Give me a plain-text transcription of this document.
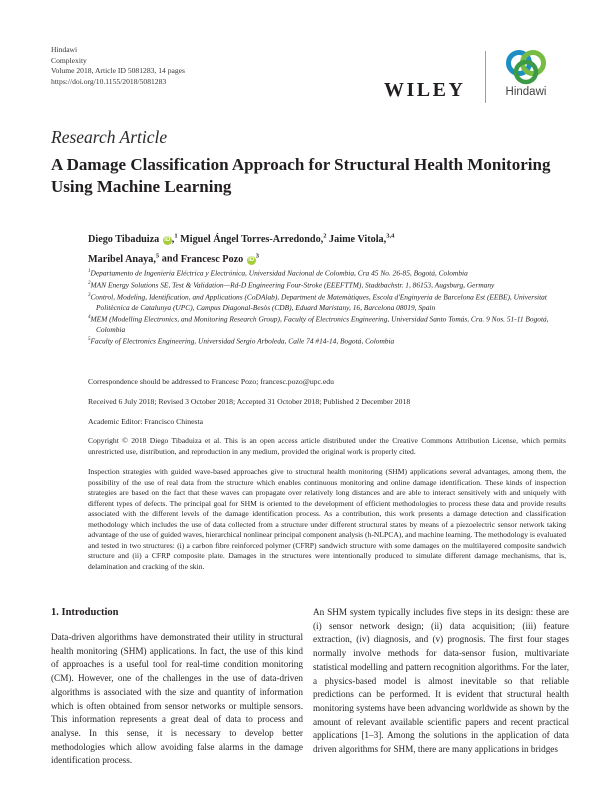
Hindawi
Complexity
Volume 2018, Article ID 5081283, 14 pages
https://doi.org/10.1155/2018/5081283	WILEY	Hindawi
Research Article
A Damage Classification Approach for Structural Health Monitoring Using Machine Learning
Diego Tibaduiza iD ,$^1$ Miguel Ángel Torres-Arredondo,$^2$ Jaime Vitola,$^{3,4}$
Maribel Anaya,$^5$ and Francesc Pozo $iD^3$
$^1$Departamento de Ingeniería Eléctrica y Electrónica, Universidad Nacional de Colombia, Cra 45 No. 26-85, Bogotá, Colombia
$^2$MAN Energy Solutions SE, Test & Validation—Rd-D Engineering Four-Stroke (EEEFTTM), Stadtbachstr. 1, 86153, Augsburg, Germany
$^3$Control, Modeling, Identification, and Applications (CoDAlab), Department de Matemàtiques, Escola d'Enginyeria de Barcelona Est (EEBE), Universitat Politècnica de Catalunya (UPC), Campus Diagonal-Besòs (CDB), Eduard Maristany, 16, Barcelona 08019, Spain
$^4$MEM (Modelling Electronics, and Monitoring Research Group), Faculty of Electronics Engineering, Universidad Santo Tomás, Cra. 9 Nos. 51-11 Bogotá, Colombia
$^5$Faculty of Electronics Engineering, Universidad Sergio Arboleda, Calle 74 #14-14, Bogotá, Colombia
Correspondence should be addressed to Francesc Pozo; francesc.pozo@upc.edu
Received 6 July 2018; Revised 3 October 2018; Accepted 31 October 2018; Published 2 December 2018
Academic Editor: Francisco Chinesta

Copyright © 2018 Diego Tibaduiza et al. This is an open access article distributed under the Creative Commons Attribution License, which permits unrestricted use, distribution, and reproduction in any medium, provided the original work is properly cited.

Inspection strategies with guided wave-based approaches give to structural health monitoring (SHM) applications several advantages, among them, the possibility of the use of real data from the structure which enables continuous monitoring and online damage identification. These kinds of inspection strategies are based on the fact that these waves can propagate over relatively long distances and are able to interact sensitively with and uniquely with different types of defects. The principal goal for SHM is oriented to the development of efficient methodologies to process these data and provide results associated with the different levels of the damage identification process. As a contribution, this work presents a damage detection and classification methodology which includes the use of data collected from a structure under different structural states by means of a piezoelectric sensor network taking advantage of the use of guided waves, hierarchical nonlinear principal component analysis (h-NLPCA), and machine learning. The methodology is evaluated and tested in two structures: (i) a carbon fibre reinforced polymer (CFRP) sandwich structure with some damages on the multilayered composite sandwich structure and (ii) a CFRP composite plate. Damages in the structures were intentionally produced to simulate different damage mechanisms, that is, delamination and cracking of the skin.

1. Introduction

Data-driven algorithms have demonstrated their utility in structural health monitoring (SHM) applications. In fact, the use of this kind of approaches is a useful tool for real-time condition monitoring (CM). However, one of the challenges in the use of data-driven algorithms is associated with the size and quantity of information which is often obtained from sensor networks or multiple sensors. This information represents a great deal of data to process and analyse. In this sense, it is necessary to develop better methodologies which allow avoiding false alarms in the damage identification process.

An SHM system typically includes five steps in its design: these are (i) sensor network design; (ii) data acquisition; (iii) feature extraction, (iv) diagnosis, and (v) prognosis. The first four stages normally involve methods for data-sensor fusion, multivariate statistical modelling and pattern recognition algorithms. For the later, a physics-based model is almost inevitable so that reliable predictions can be performed. It is evident that structural health monitoring systems have been advancing worldwide as shown by the amount of relevant available scientific papers and recent practical applications [1–3]. Among the solutions in the application of data driven algorithms for SHM, there are many applications in bridges
